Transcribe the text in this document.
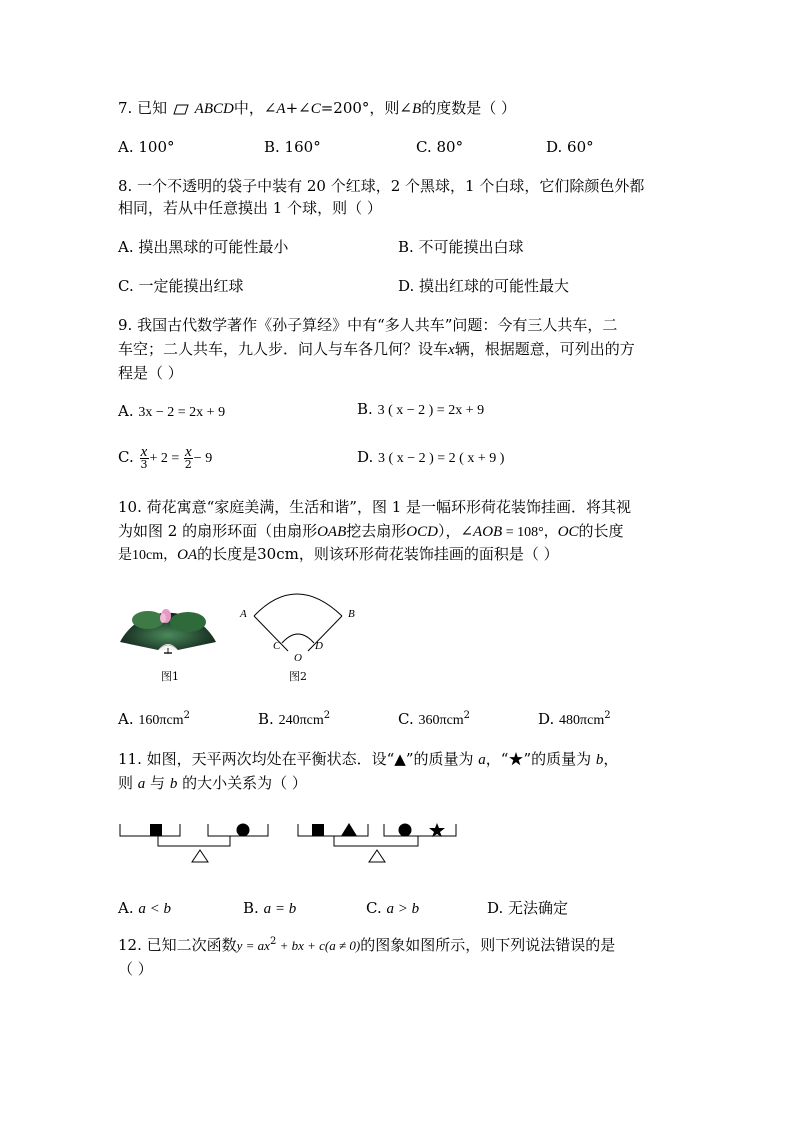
7. 已知 ABCD中，∠A+∠C=200°，则∠B的度数是（ ）
A. 100°	B. 160°	C. 80°	D. 60°
8. 一个不透明的袋子中装有 20 个红球，2 个黑球，1 个白球，它们除颜色外都
相同，若从中任意摸出 1 个球，则（ ）
A. 摸出黑球的可能性最小	B. 不可能摸出白球
C. 一定能摸出红球	D. 摸出红球的可能性最大
9. 我国古代数学著作《孙子算经》中有“多人共车”问题：今有三人共车，二
车空；二人共车，九人步．问人与车各几何？设车x辆，根据题意，可列出的方
程是（ ）
A. 3x − 2 = 2x + 9	B. 3 ( x − 2 ) = 2x + 9
C. $\frac{x}{3} + 2 = \frac{x}{2} - 9$	D. 3 ( x − 2 ) = 2 ( x + 9 )
10. 荷花寓意“家庭美满，生活和谐”，图 1 是一幅环形荷花装饰挂画．将其视
为如图 2 的扇形环面（由扇形OAB挖去扇形OCD），∠AOB = 108°，OC的长度
是10cm，OA的长度是30cm，则该环形荷花装饰挂画的面积是（ ）
图1
A	B
C	D
O
图2
A. 160πcm$^2$	B. 240πcm$^2$	C. 360πcm$^2$	D. 480πcm$^2$
11. 如图，天平两次均处在平衡状态．设“▲”的质量为 a，“★”的质量为 b，
则 a 与 b 的大小关系为（ ）
A. a < b	B. a = b	C. a > b	D. 无法确定
12. 已知二次函数$y = ax^2$ + bx + c(a ≠ 0)的图象如图所示，则下列说法错误的是
（ ）
